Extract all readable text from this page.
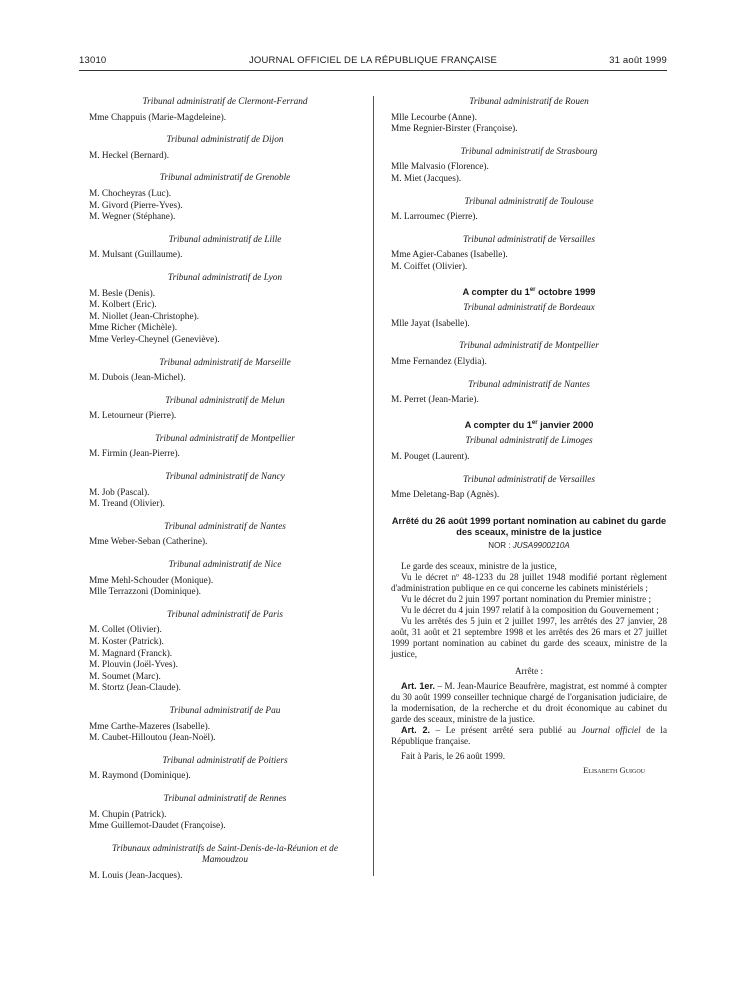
13010	JOURNAL OFFICIEL DE LA RÉPUBLIQUE FRANÇAISE	31 août 1999
Tribunal administratif de Clermont-Ferrand
Mme Chappuis (Marie-Magdeleine).
Tribunal administratif de Dijon
M. Heckel (Bernard).
Tribunal administratif de Grenoble
M. Chocheyras (Luc).
M. Givord (Pierre-Yves).
M. Wegner (Stéphane).
Tribunal administratif de Lille
M. Mulsant (Guillaume).
Tribunal administratif de Lyon
M. Besle (Denis).
M. Kolbert (Eric).
M. Niollet (Jean-Christophe).
Mme Richer (Michèle).
Mme Verley-Cheynel (Geneviève).
Tribunal administratif de Marseille
M. Dubois (Jean-Michel).
Tribunal administratif de Melun
M. Letourneur (Pierre).
Tribunal administratif de Montpellier
M. Firmin (Jean-Pierre).
Tribunal administratif de Nancy
M. Job (Pascal).
M. Treand (Olivier).
Tribunal administratif de Nantes
Mme Weber-Seban (Catherine).
Tribunal administratif de Nice
Mme Mehl-Schouder (Monique).
Mlle Terrazzoni (Dominique).
Tribunal administratif de Paris
M. Collet (Olivier).
M. Koster (Patrick).
M. Magnard (Franck).
M. Plouvin (Joël-Yves).
M. Soumet (Marc).
M. Stortz (Jean-Claude).
Tribunal administratif de Pau
Mme Carthe-Mazeres (Isabelle).
M. Caubet-Hilloutou (Jean-Noël).
Tribunal administratif de Poitiers
M. Raymond (Dominique).
Tribunal administratif de Rennes
M. Chupin (Patrick).
Mme Guillemot-Daudet (Françoise).
Tribunaux administratifs de Saint-Denis-de-la-Réunion et de Mamoudzou
M. Louis (Jean-Jacques).
Tribunal administratif de Rouen
Mlle Lecourbe (Anne).
Mme Regnier-Birster (Françoise).
Tribunal administratif de Strasbourg
Mlle Malvasio (Florence).
M. Miet (Jacques).
Tribunal administratif de Toulouse
M. Larroumec (Pierre).
Tribunal administratif de Versailles
Mme Agier-Cabanes (Isabelle).
M. Coiffet (Olivier).
A compter du 1er octobre 1999
Tribunal administratif de Bordeaux
Mlle Jayat (Isabelle).
Tribunal administratif de Montpellier
Mme Fernandez (Elydia).
Tribunal administratif de Nantes
M. Perret (Jean-Marie).
A compter du 1er janvier 2000
Tribunal administratif de Limoges
M. Pouget (Laurent).
Tribunal administratif de Versailles
Mme Deletang-Bap (Agnès).
Arrêté du 26 août 1999 portant nomination au cabinet du garde des sceaux, ministre de la justice
NOR : JUSA9900210A
Le garde des sceaux, ministre de la justice,
Vu le décret nº 48-1233 du 28 juillet 1948 modifié portant règlement d'administration publique en ce qui concerne les cabinets ministériels ;
Vu le décret du 2 juin 1997 portant nomination du Premier ministre ;
Vu le décret du 4 juin 1997 relatif à la composition du Gouvernement ;
Vu les arrêtés des 5 juin et 2 juillet 1997, les arrêtés des 27 janvier, 28 août, 31 août et 21 septembre 1998 et les arrêtés des 26 mars et 27 juillet 1999 portant nomination au cabinet du garde des sceaux, ministre de la justice,
Arrête :
Art. 1er. – M. Jean-Maurice Beaufrère, magistrat, est nommé à compter du 30 août 1999 conseiller technique chargé de l'organisation judiciaire, de la modernisation, de la recherche et du droit économique au cabinet du garde des sceaux, ministre de la justice.
Art. 2. – Le présent arrêté sera publié au Journal officiel de la République française.
Fait à Paris, le 26 août 1999.
Elisabeth Guigou
